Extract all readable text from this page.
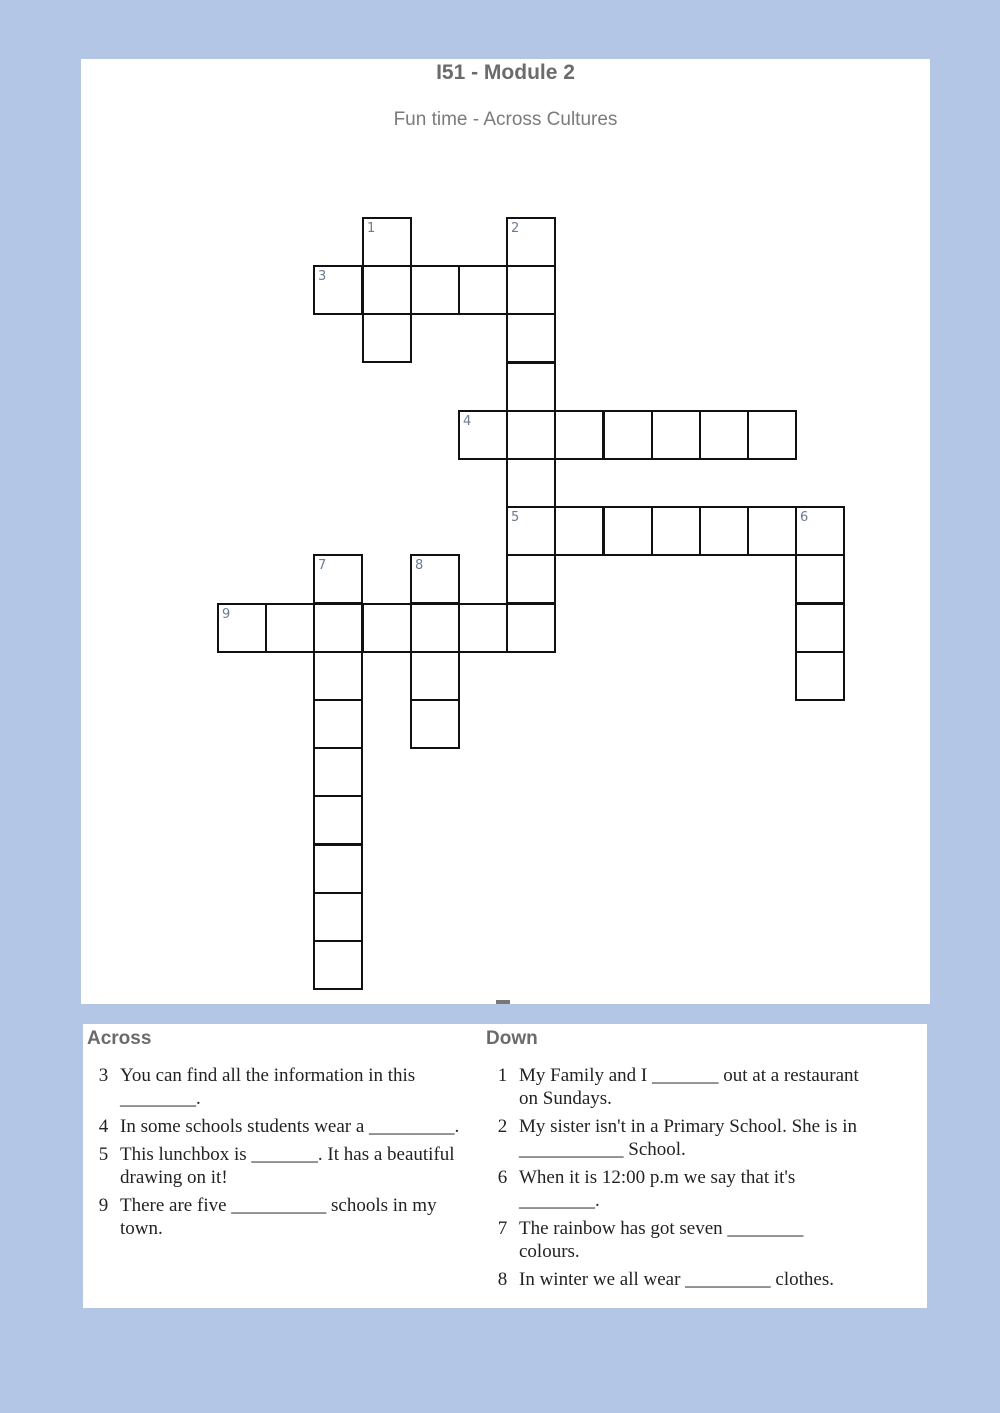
I51 - Module 2
Fun time - Across Cultures
1	2
5
3
4
6
7	8
9
Across
3 You can find all the information in this ________.
4 In some schools students wear a _________.
5 This lunchbox is _______. It has a beautiful drawing on it!
9 There are five __________ schools in my town.
Down
1 My Family and I _______ out at a restaurant on Sundays.
2 My sister isn't in a Primary School. She is in ___________ School.
6 When it is 12:00 p.m we say that it's ________.
7 The rainbow has got seven ________ colours.
8 In winter we all wear _________ clothes.
